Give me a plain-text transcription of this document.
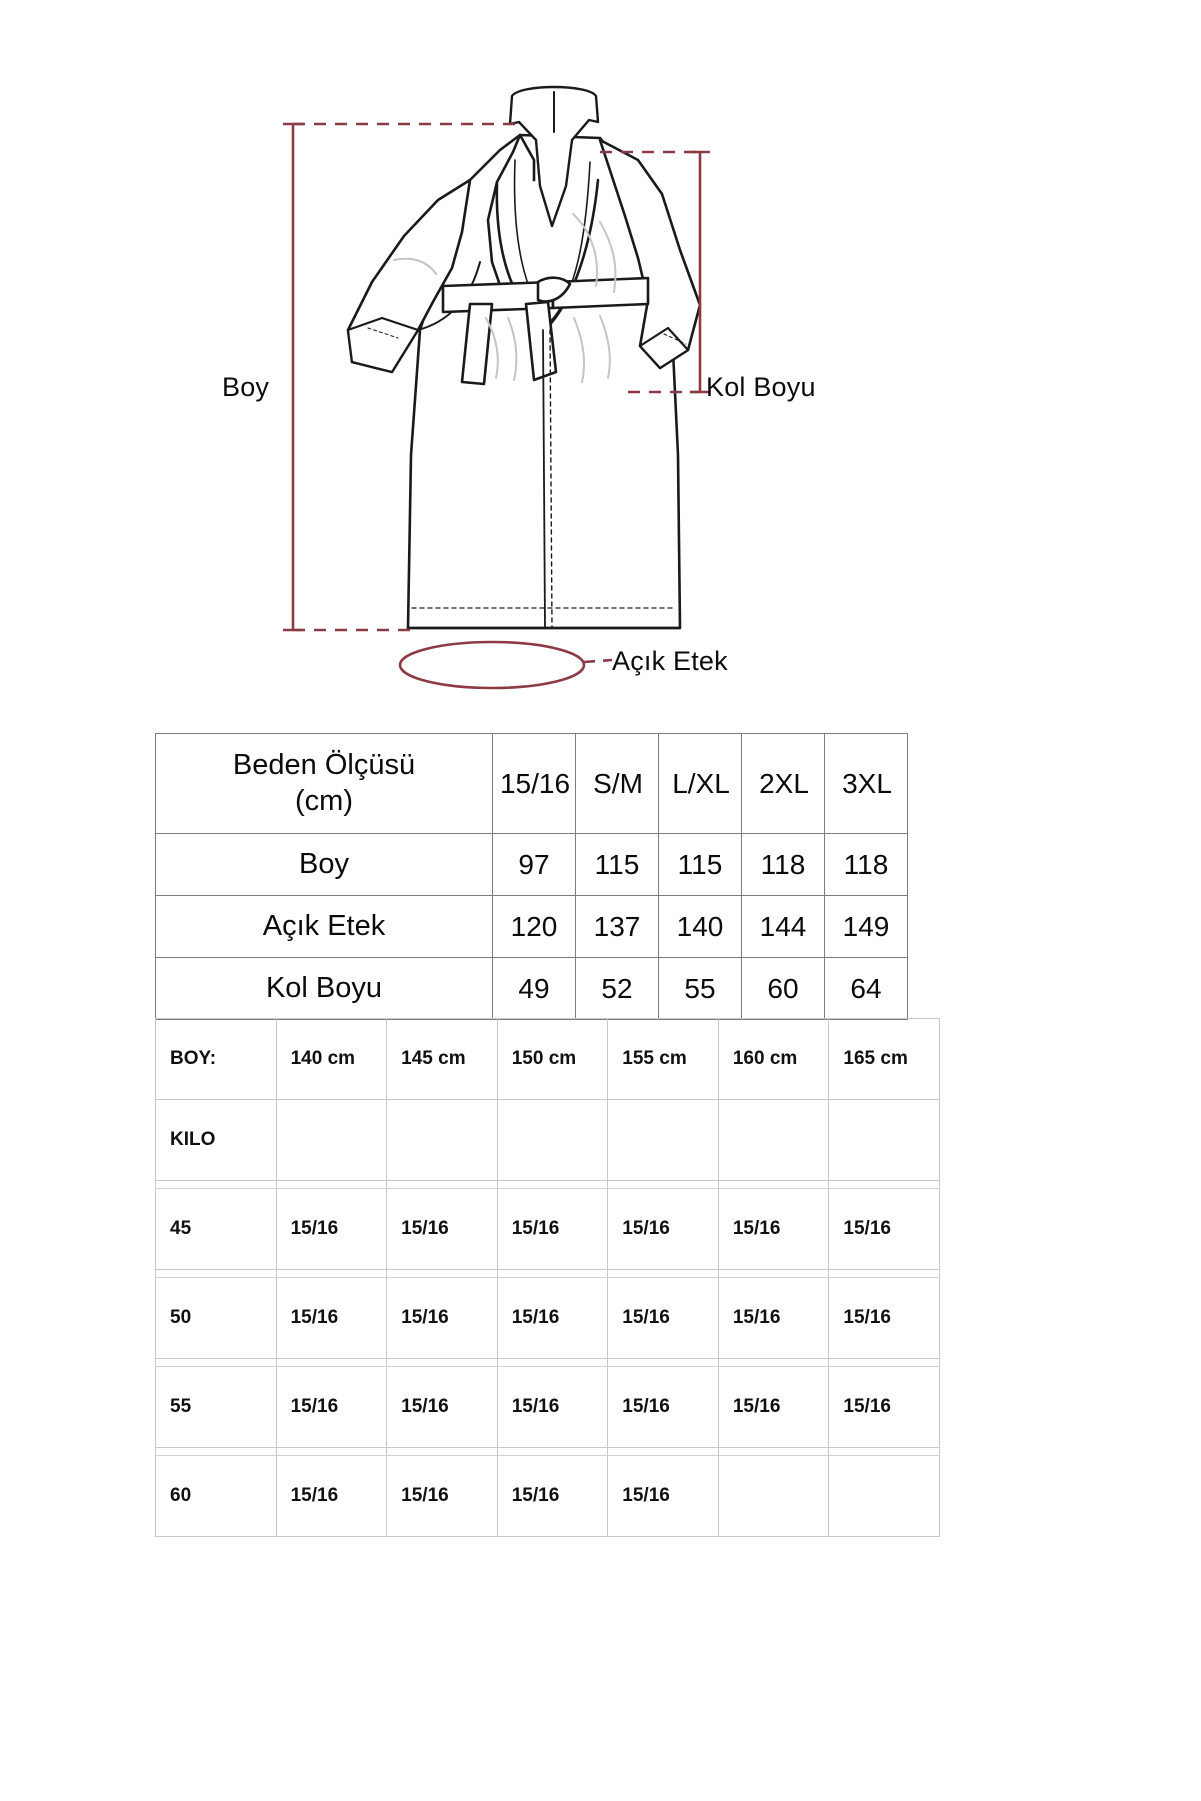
Boy	Kol Boyu
Açık Etek
Beden Ölçüsü
(cm)	15/16	S/M	L/XL	2XL	3XL
Boy	97	115	115	118	118
Açık Etek	120	137	140	144	149
Kol Boyu	49	52	55	60	64
BOY:	140 cm	145 cm	150 cm	155 cm	160 cm	165 cm
KILO						

45	15/16	15/16	15/16	15/16	15/16	15/16

50	15/16	15/16	15/16	15/16	15/16	15/16

55	15/16	15/16	15/16	15/16	15/16	15/16

60	15/16	15/16	15/16	15/16		
